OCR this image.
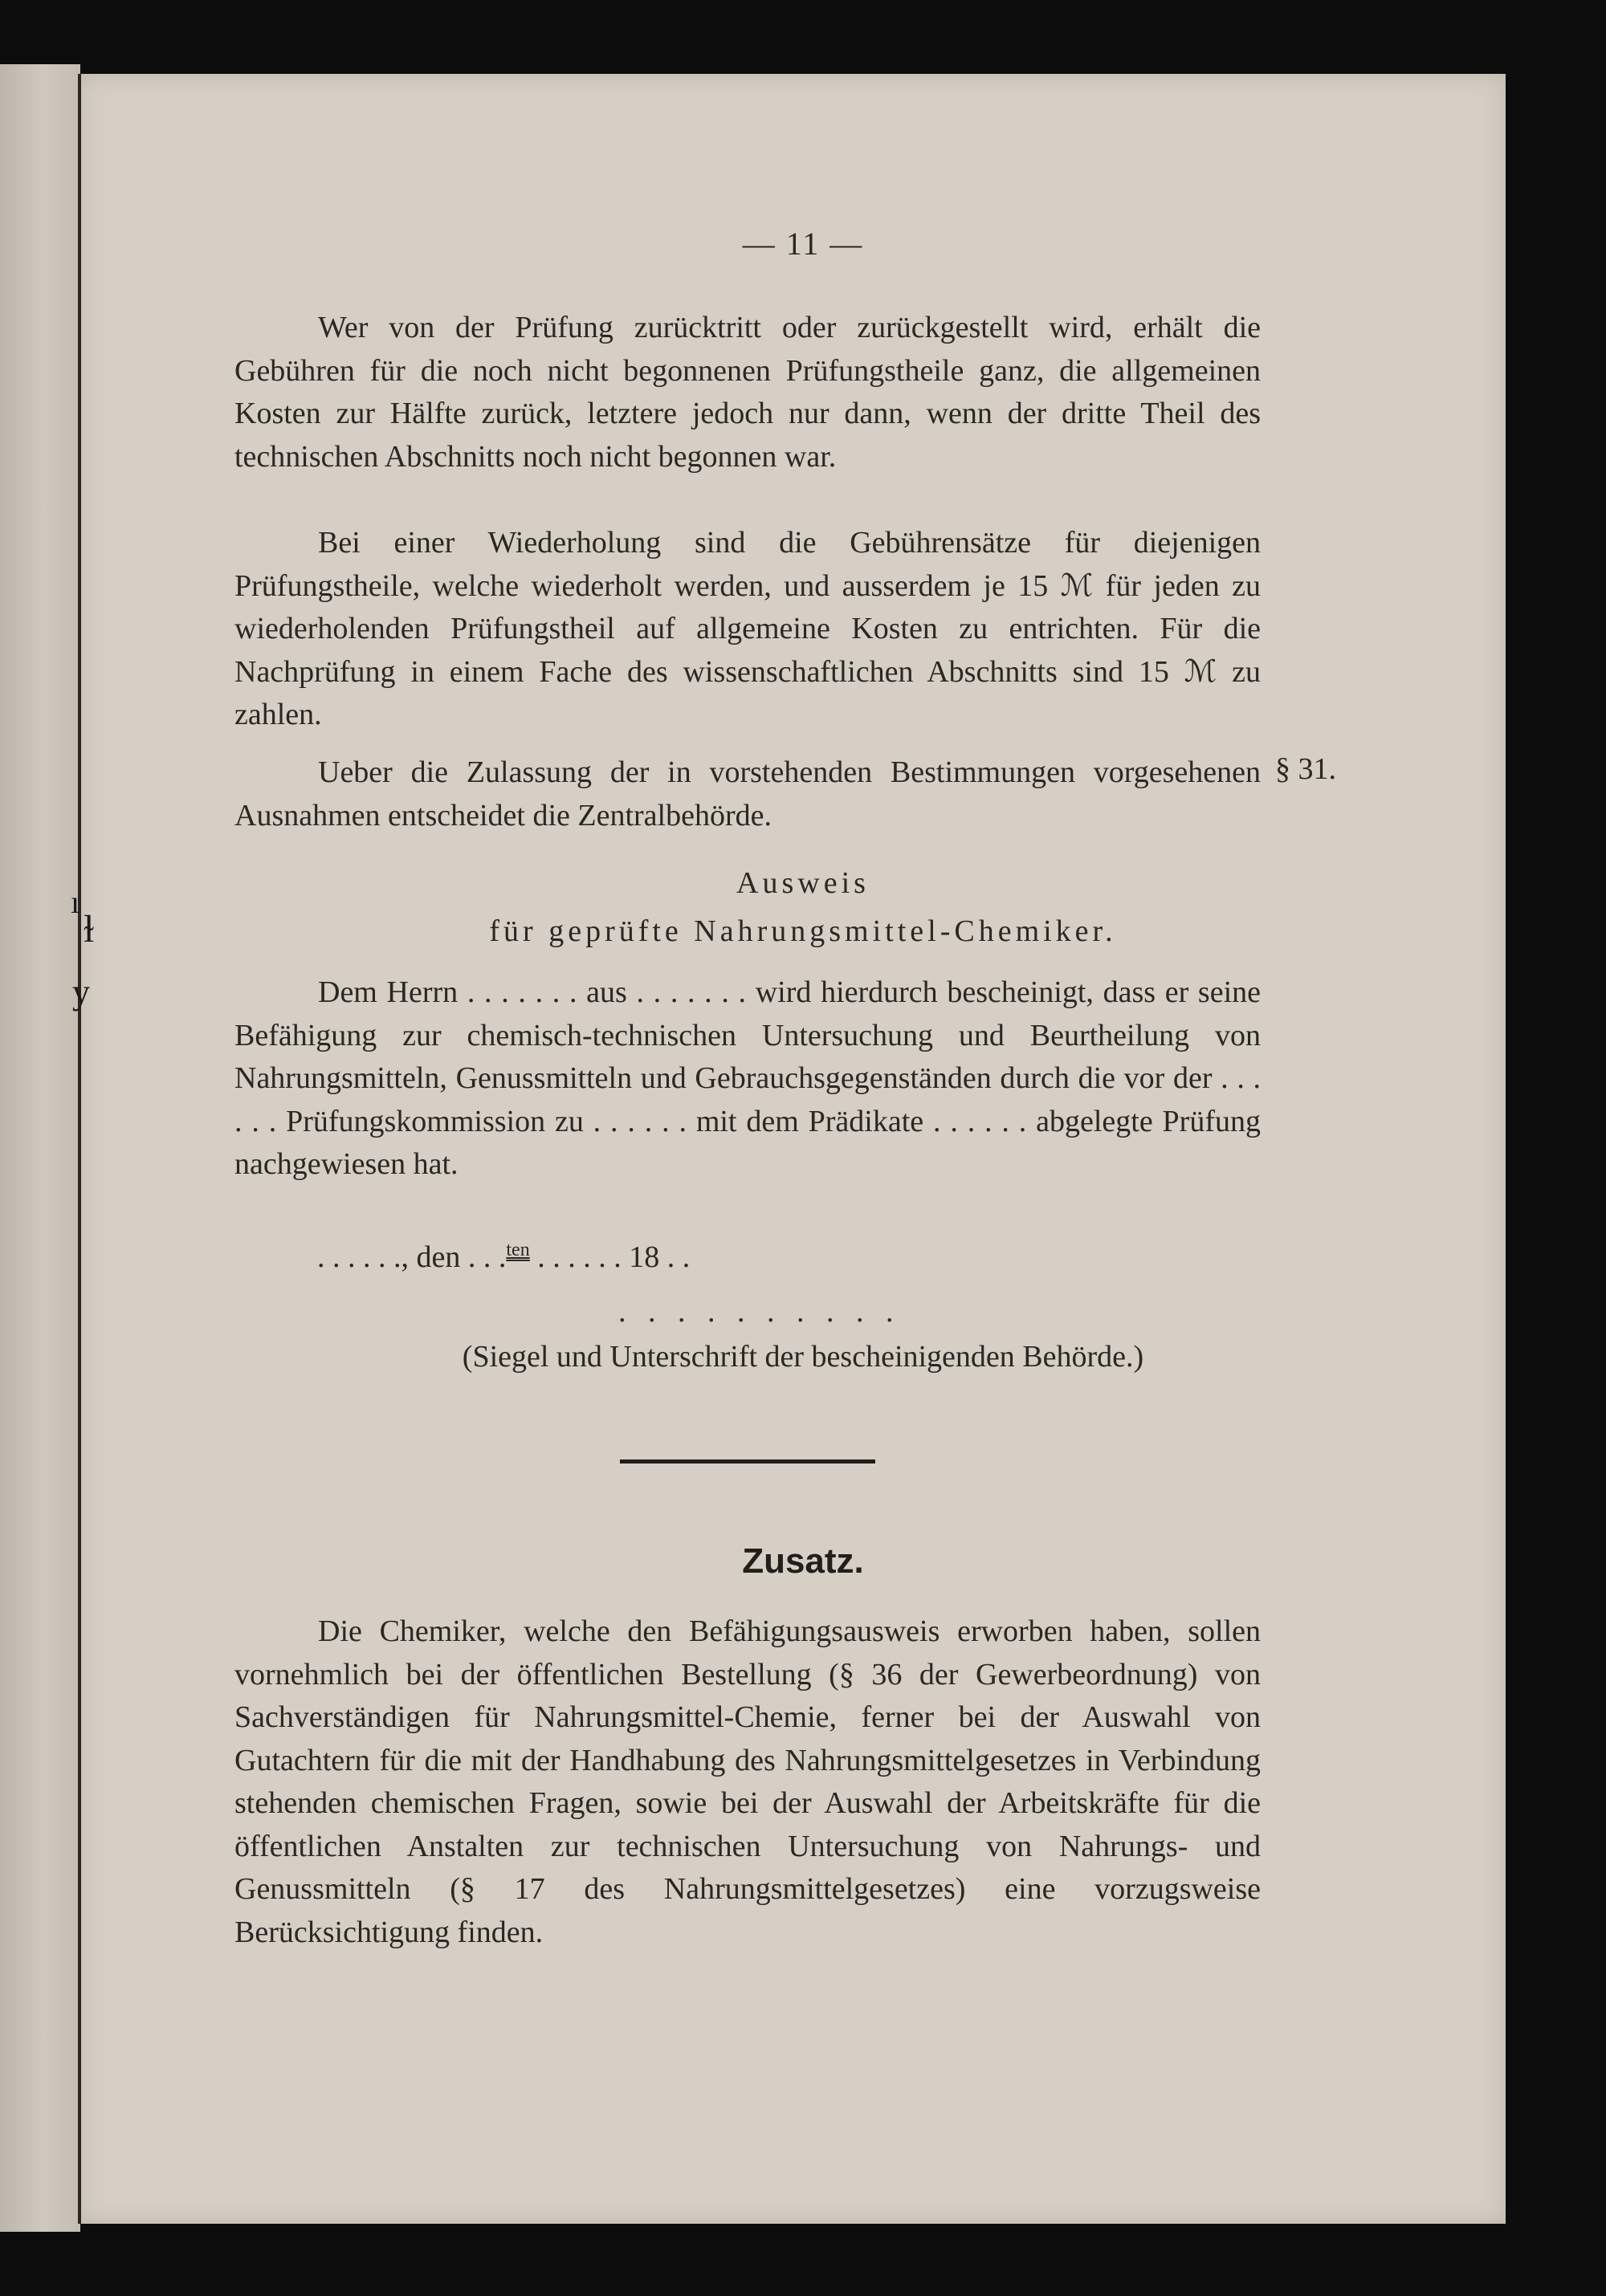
ı
ɫ
y
— 11 —
Wer von der Prüfung zurücktritt oder zurückgestellt wird, erhält die Gebühren für die noch nicht begonnenen Prüfungstheile ganz, die allgemeinen Kosten zur Hälfte zurück, letztere jedoch nur dann, wenn der dritte Theil des technischen Abschnitts noch nicht begonnen war.
Bei einer Wiederholung sind die Gebührensätze für diejenigen Prüfungstheile, welche wiederholt werden, und ausserdem je 15 ℳ für jeden zu wiederholenden Prüfungstheil auf allgemeine Kosten zu entrichten. Für die Nachprüfung in einem Fache des wissenschaftlichen Abschnitts sind 15 ℳ zu zahlen.
Ueber die Zulassung der in vorstehenden Bestimmungen vorgesehenen Ausnahmen entscheidet die Zentralbehörde.
§ 31.
Ausweis
für geprüfte Nahrungsmittel-Chemiker.
Dem Herrn . . . . . . . aus . . . . . . . wird hierdurch bescheinigt, dass er seine Befähigung zur chemisch-technischen Untersuchung und Beurtheilung von Nahrungsmitteln, Genussmitteln und Gebrauchsgegenständen durch die vor der . . . . . . Prüfungskommission zu . . . . . . mit dem Prädikate . . . . . . abgelegte Prüfung nachgewiesen hat.
. . . . . ., den . . .$^{ten}$ . . . . . . 18 . .
. . . . . . . . . .
(Siegel und Unterschrift der bescheinigenden Behörde.)
Zusatz.
Die Chemiker, welche den Befähigungsausweis erworben haben, sollen vornehmlich bei der öffentlichen Bestellung (§ 36 der Gewerbeordnung) von Sachverständigen für Nahrungsmittel-Chemie, ferner bei der Auswahl von Gutachtern für die mit der Handhabung des Nahrungsmittelgesetzes in Verbindung stehenden chemischen Fragen, sowie bei der Auswahl der Arbeitskräfte für die öffentlichen Anstalten zur technischen Untersuchung von Nahrungs- und Genussmitteln (§ 17 des Nahrungsmittelgesetzes) eine vorzugsweise Berücksichtigung finden.
